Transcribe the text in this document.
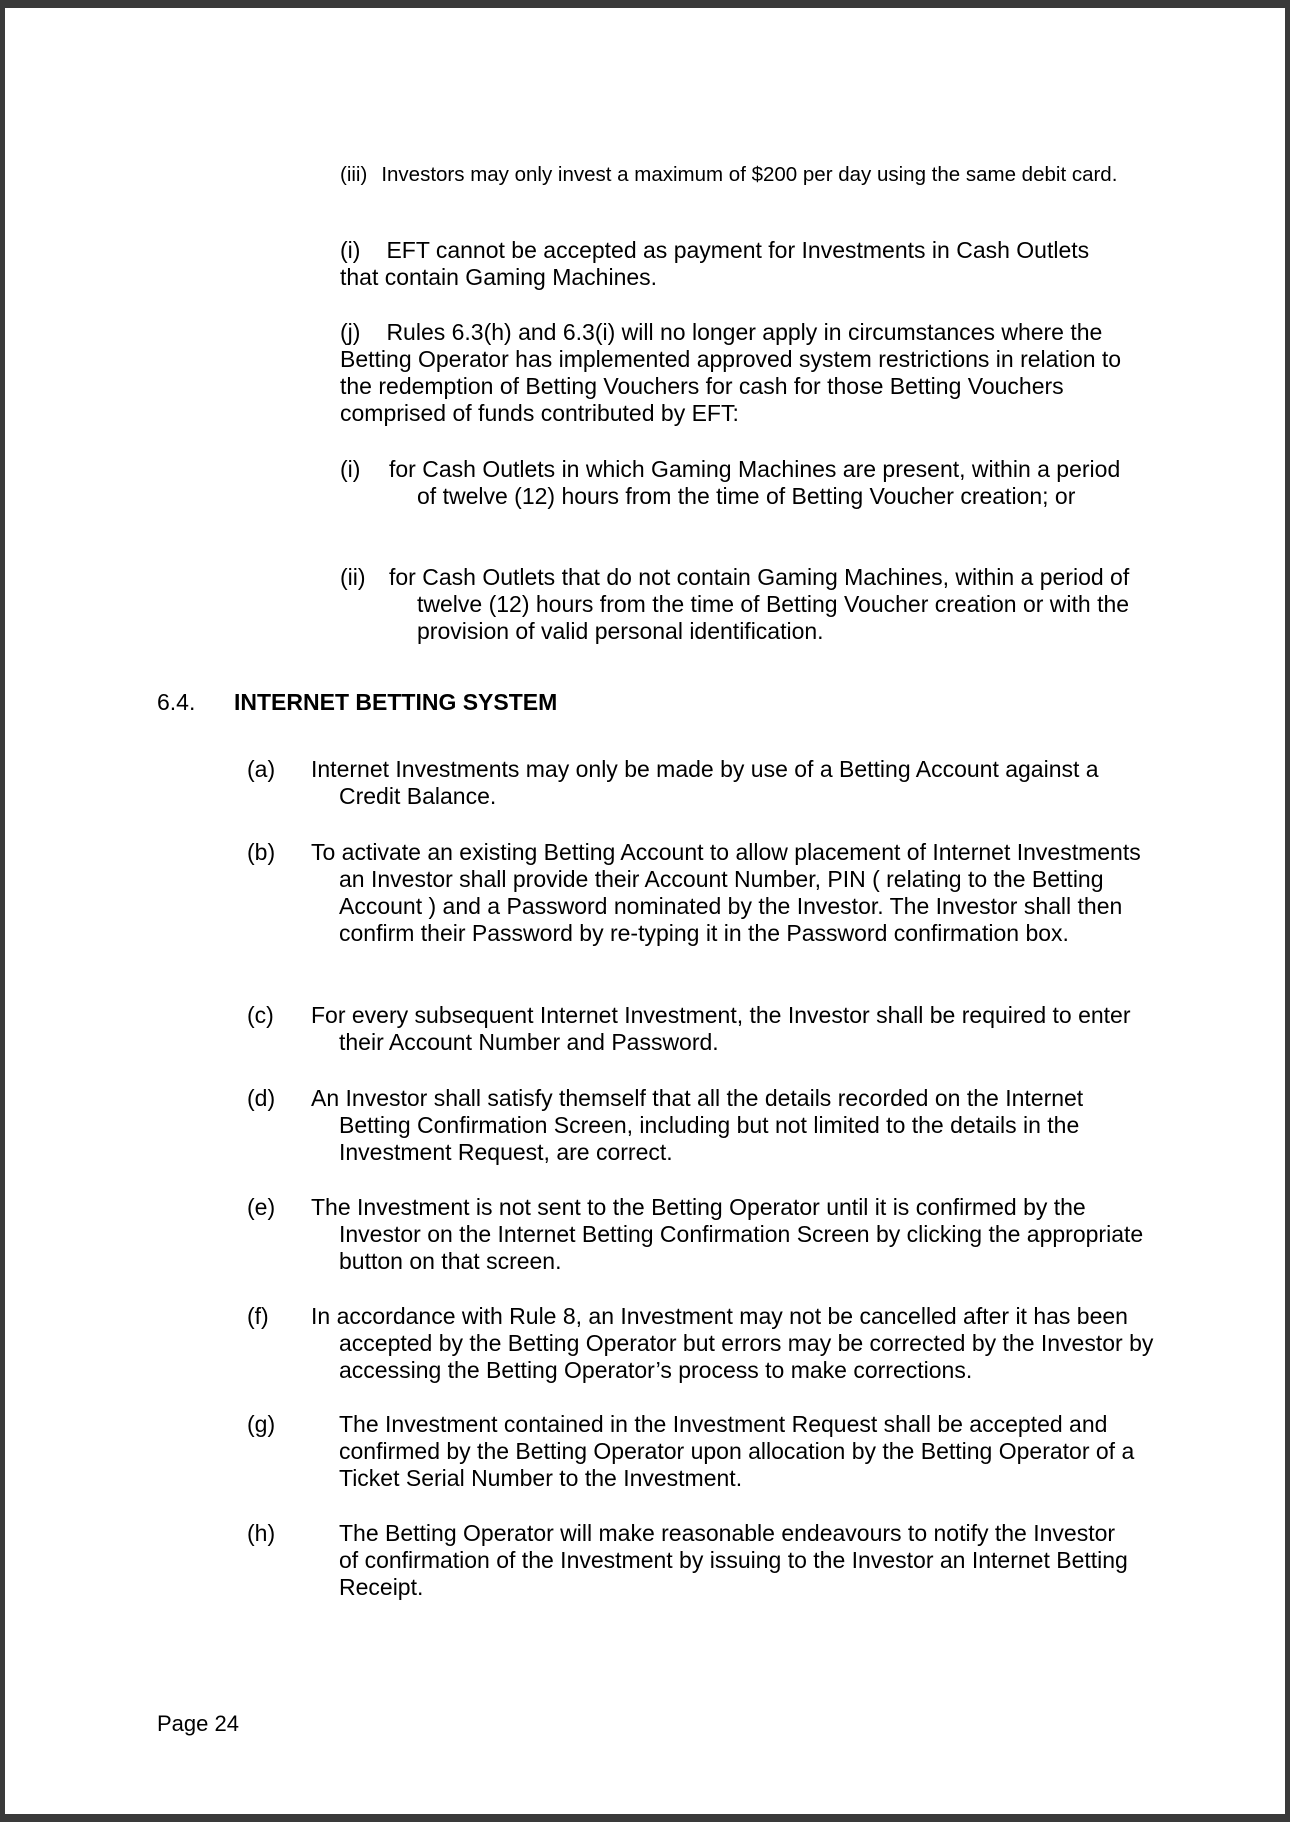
(iii) Investors may only invest a maximum of $200 per day using the same debit card.
(i) EFT cannot be accepted as payment for Investments in Cash Outlets that contain Gaming Machines.
(j) Rules 6.3(h) and 6.3(i) will no longer apply in circumstances where the Betting Operator has implemented approved system restrictions in relation to the redemption of Betting Vouchers for cash for those Betting Vouchers comprised of funds contributed by EFT:
(i) for Cash Outlets in which Gaming Machines are present, within a period of twelve (12) hours from the time of Betting Voucher creation; or
(ii) for Cash Outlets that do not contain Gaming Machines, within a period of twelve (12) hours from the time of Betting Voucher creation or with the provision of valid personal identification.
6.4. INTERNET BETTING SYSTEM
(a) Internet Investments may only be made by use of a Betting Account against a Credit Balance.
(b) To activate an existing Betting Account to allow placement of Internet Investments an Investor shall provide their Account Number, PIN ( relating to the Betting Account ) and a Password nominated by the Investor. The Investor shall then confirm their Password by re-typing it in the Password confirmation box.
(c) For every subsequent Internet Investment, the Investor shall be required to enter their Account Number and Password.
(d) An Investor shall satisfy themself that all the details recorded on the Internet Betting Confirmation Screen, including but not limited to the details in the Investment Request, are correct.
(e) The Investment is not sent to the Betting Operator until it is confirmed by the Investor on the Internet Betting Confirmation Screen by clicking the appropriate button on that screen.
(f) In accordance with Rule 8, an Investment may not be cancelled after it has been accepted by the Betting Operator but errors may be corrected by the Investor by accessing the Betting Operator’s process to make corrections.
(g)	The Investment contained in the Investment Request shall be accepted and confirmed by the Betting Operator upon allocation by the Betting Operator of a Ticket Serial Number to the Investment.
(h)	The Betting Operator will make reasonable endeavours to notify the Investor of confirmation of the Investment by issuing to the Investor an Internet Betting Receipt.
Page 24
